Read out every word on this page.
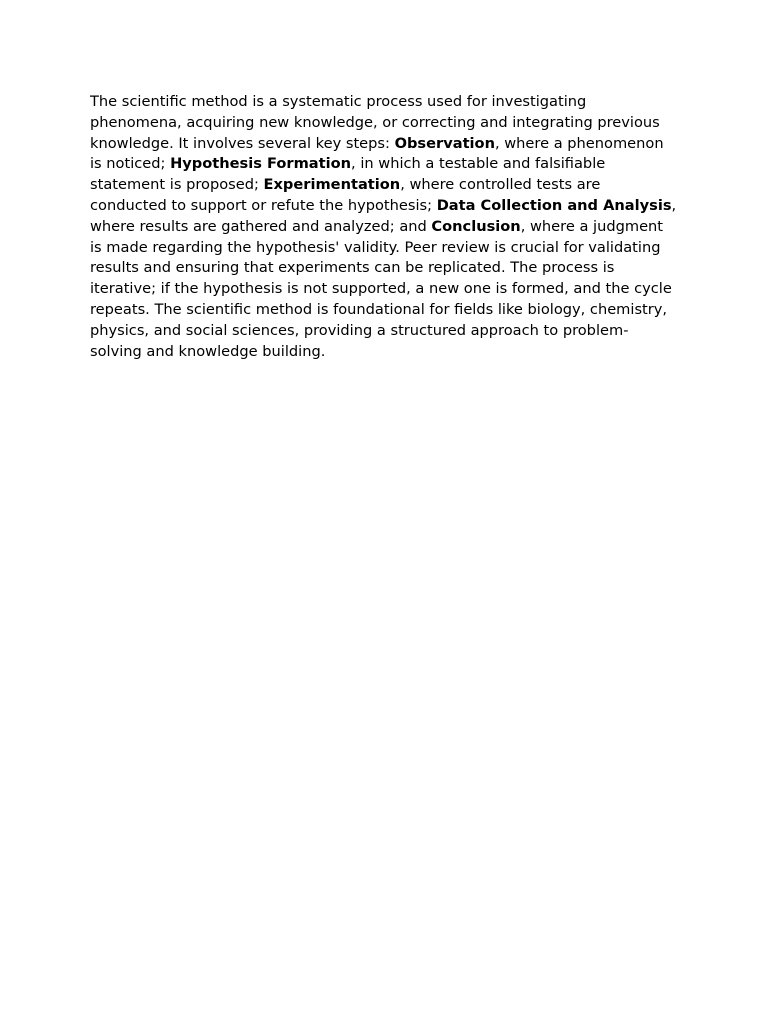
The scientific method is a systematic process used for investigating phenomena, acquiring new knowledge, or correcting and integrating previous knowledge. It involves several key steps: Observation, where a phenomenon is noticed; Hypothesis Formation, in which a testable and falsifiable statement is proposed; Experimentation, where controlled tests are conducted to support or refute the hypothesis; Data Collection and Analysis, where results are gathered and analyzed; and Conclusion, where a judgment is made regarding the hypothesis' validity. Peer review is crucial for validating results and ensuring that experiments can be replicated. The process is iterative; if the hypothesis is not supported, a new one is formed, and the cycle repeats. The scientific method is foundational for fields like biology, chemistry, physics, and social sciences, providing a structured approach to problem-solving and knowledge building.
